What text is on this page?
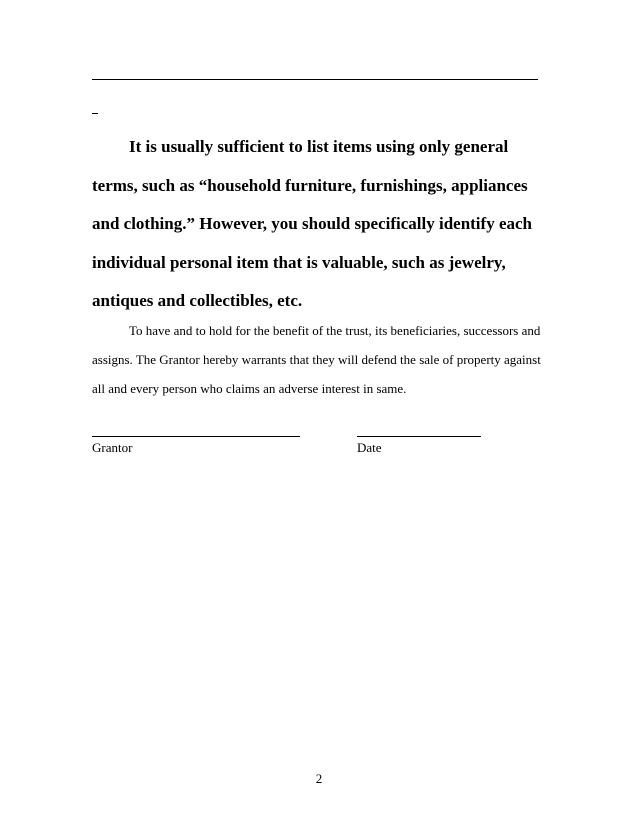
It is usually sufficient to list items using only general
terms, such as “household furniture, furnishings, appliances
and clothing.” However, you should specifically identify each
individual personal item that is valuable, such as jewelry,
antiques and collectibles, etc.

To have and to hold for the benefit of the trust, its beneficiaries, successors and
assigns. The Grantor hereby warrants that they will defend the sale of property against
all and every person who claims an adverse interest in same.

Grantor	Date

2
